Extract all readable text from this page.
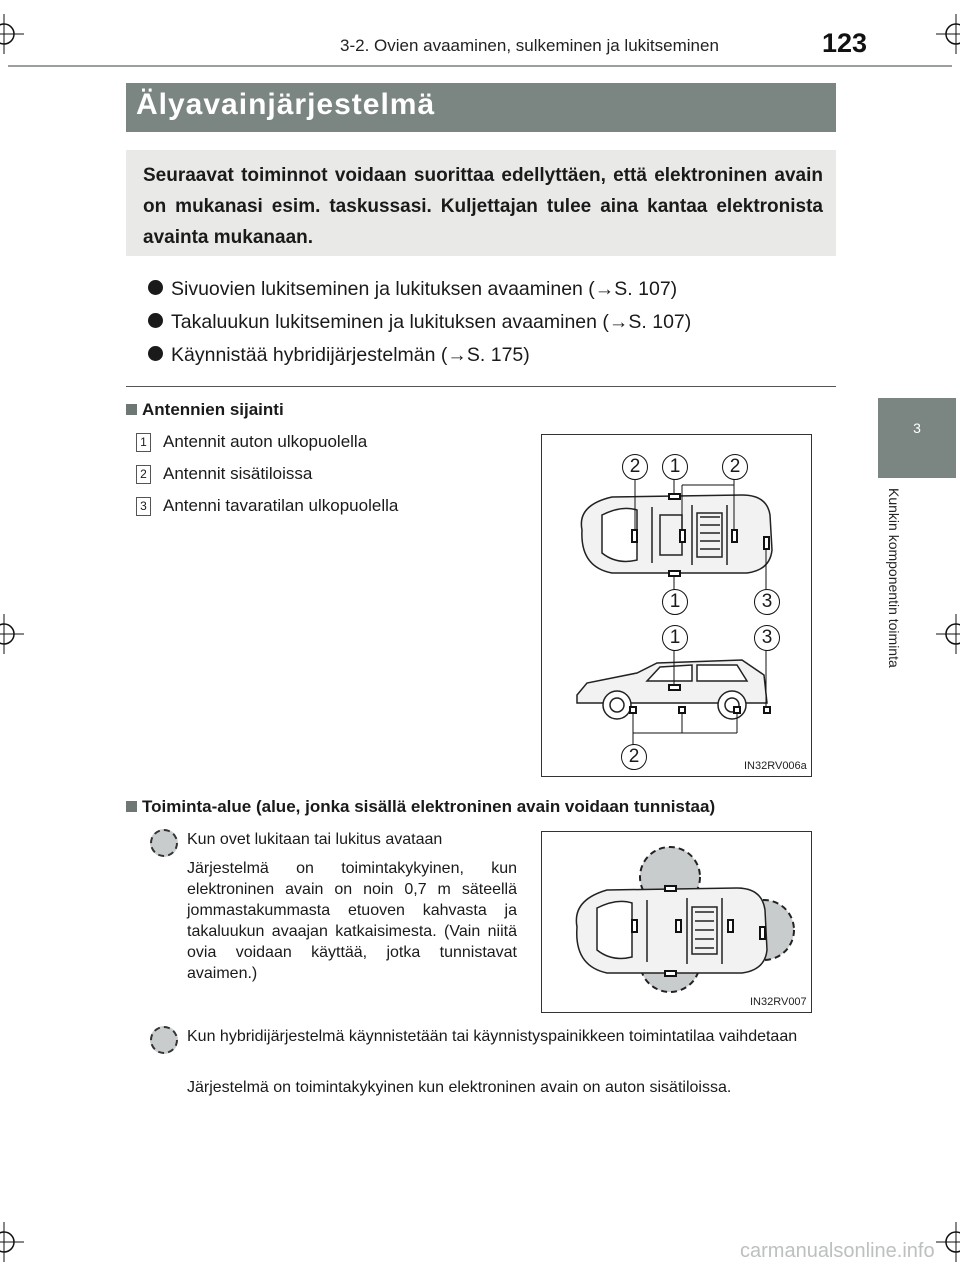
3-2. Ovien avaaminen, sulkeminen ja lukitseminen	123
Älyavainjärjestelmä

Seuraavat toiminnot voidaan suorittaa edellyttäen, että elektroninen avain on mukanasi esim. taskussasi. Kuljettajan tulee aina kantaa elektronista avainta mukanaan.

Sivuovien lukitseminen ja lukituksen avaaminen (→S. 107)
Takaluukun lukitseminen ja lukituksen avaaminen (→S. 107)
Käynnistää hybridijärjestelmän (→S. 175)
Antennien sijainti
1 Antennit auton ulkopuolella
2 Antennit sisätiloissa
3 Antenni tavaratilan ulkopuolella
2	1	2
1	3
1	3
2	IN32RV006a
Toiminta-alue (alue, jonka sisällä elektroninen avain voidaan tunnistaa)
Kun ovet lukitaan tai lukitus avataan
Järjestelmä on toimintakykyinen, kun elektroninen avain on noin 0,7 m säteellä jommastakummasta etuoven kahvasta ja takaluukun avaajan katkaisimesta. (Vain niitä ovia voidaan käyttää, jotka tunnistavat avaimen.)
IN32RV007
Kun hybridijärjestelmä käynnistetään tai käynnistyspainikkeen toimintatilaa vaihdetaan
Järjestelmä on toimintakykyinen kun elektroninen avain on auton sisätiloissa.
3
Kunkin komponentin toiminta
carmanualsonline.info
